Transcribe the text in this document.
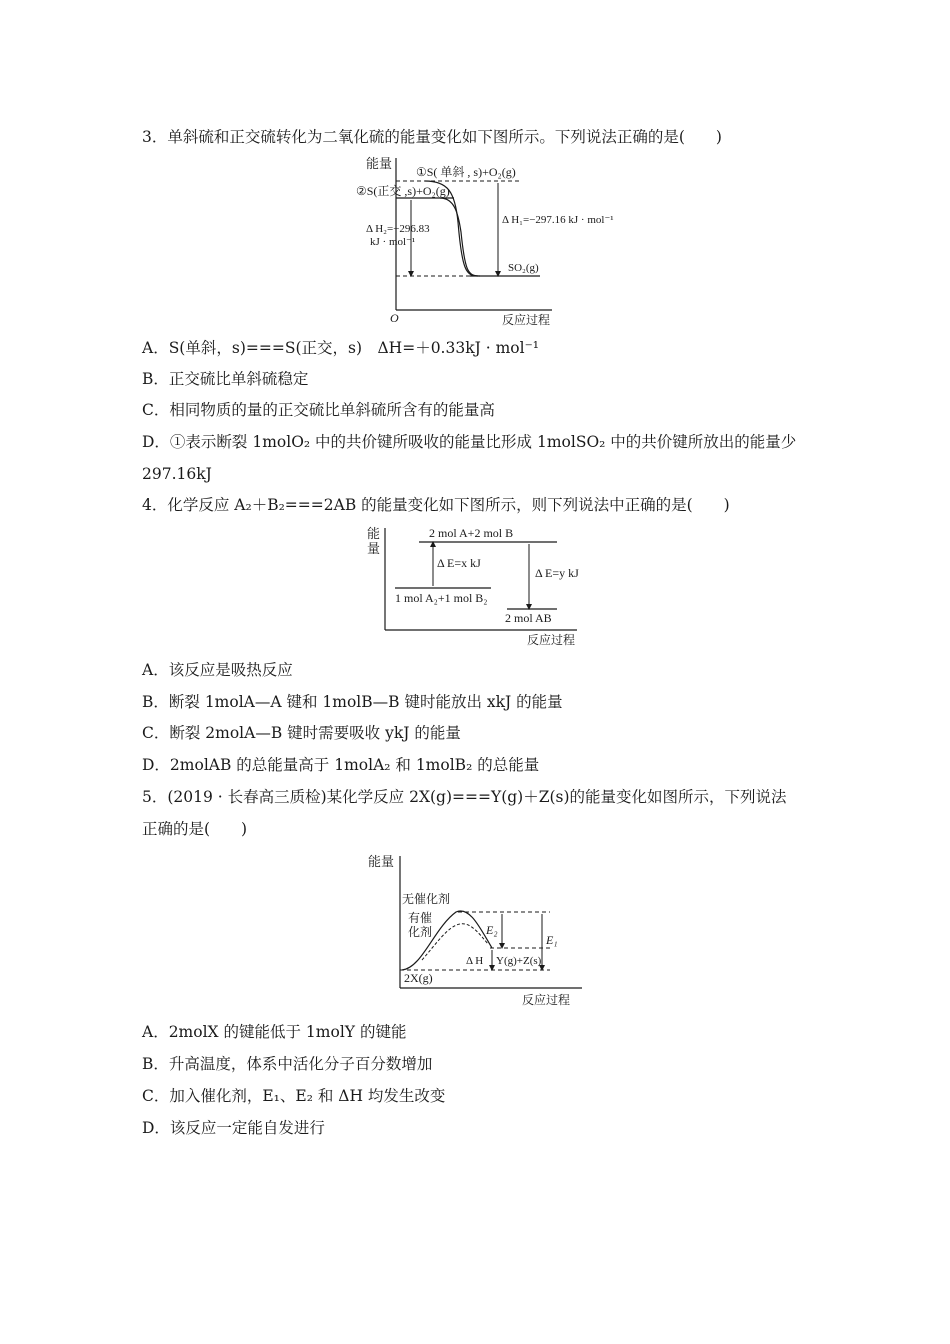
3．单斜硫和正交硫转化为二氧化硫的能量变化如下图所示。下列说法正确的是(　　)
能量
O	反应过程
①S( 单斜 , s)+O₂(g)
②S(正交 ,s)+O₂(g)
Δ H₂=−296.83
kJ · mol⁻¹
Δ H₁=−297.16 kJ · mol⁻¹
SO₂(g)
A．S(单斜，s)===S(正交，s)　ΔH=＋0.33kJ · mol⁻¹
B．正交硫比单斜硫稳定
C．相同物质的量的正交硫比单斜硫所含有的能量高
D．①表示断裂 1molO₂ 中的共价键所吸收的能量比形成 1molSO₂ 中的共价键所放出的能量少
297.16kJ
4．化学反应 A₂＋B₂===2AB 的能量变化如下图所示，则下列说法中正确的是(　　)
能
量
反应过程
2 mol A+2 mol B
Δ E=x kJ
Δ E=y kJ
1 mol A₂+1 mol B₂
2 mol AB
A．该反应是吸热反应
B．断裂 1molA—A 键和 1molB—B 键时能放出 xkJ 的能量
C．断裂 2molA—B 键时需要吸收 ykJ 的能量
D．2molAB 的总能量高于 1molA₂ 和 1molB₂ 的总能量
5．(2019 · 长春高三质检)某化学反应 2X(g)===Y(g)＋Z(s)的能量变化如图所示，下列说法
正确的是(　　)
能量
反应过程
无催化剂
有催
化剂	E₂
E₁
Δ H Y(g)+Z(s)
2X(g)
A．2molX 的键能低于 1molY 的键能
B．升高温度，体系中活化分子百分数增加
C．加入催化剂，E₁、E₂ 和 ΔH 均发生改变
D．该反应一定能自发进行
